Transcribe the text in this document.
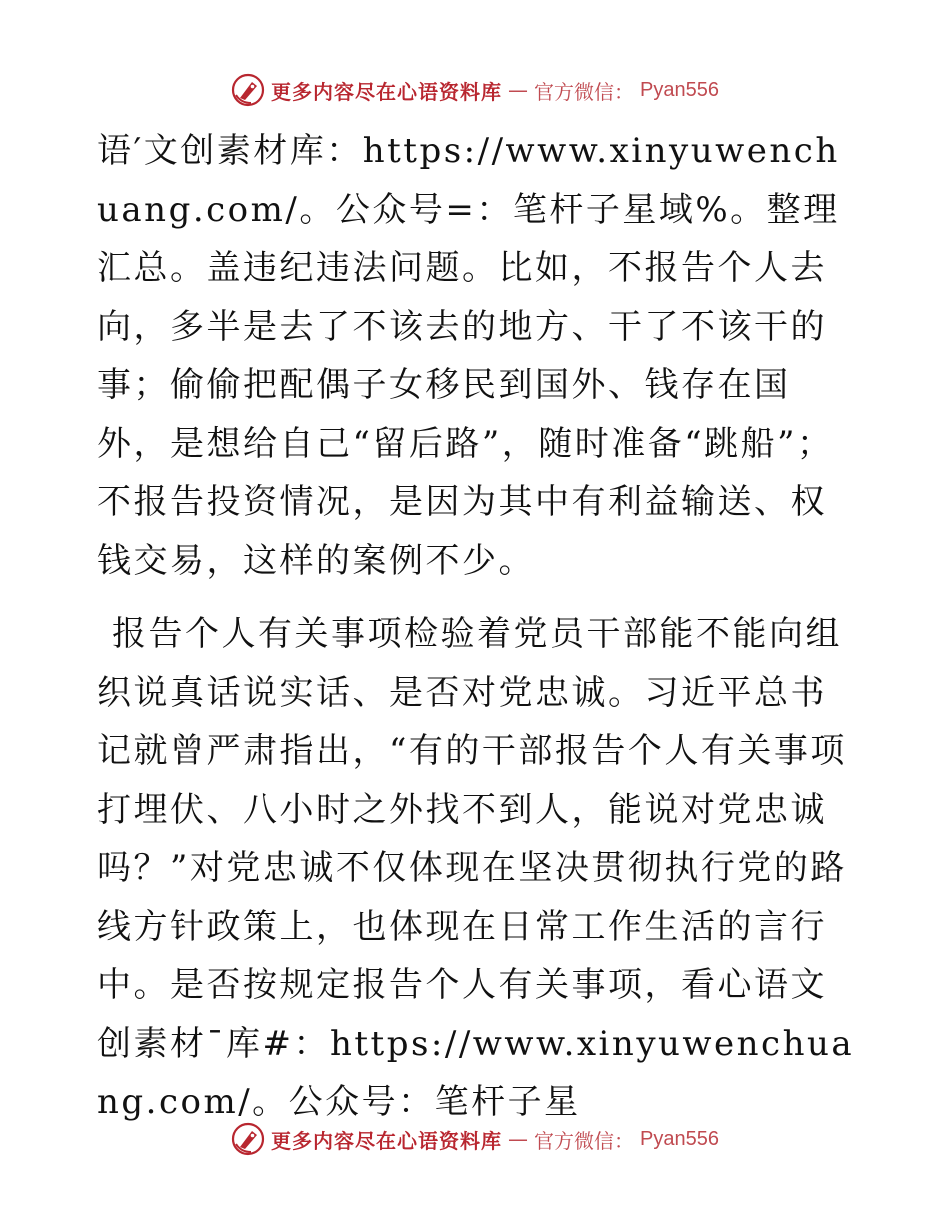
更多内容尽在心语资料库 — 官方微信： Pyan556

语′文创素材库：https://www.xinyuwenchuang.com/。公众号=：笔杆子星域%。整理汇总。盖违纪违法问题。比如，不报告个人去向，多半是去了不该去的地方、干了不该干的事；偷偷把配偶子女移民到国外、钱存在国外，是想给自己“留后路”，随时准备“跳船”；不报告投资情况，是因为其中有利益输送、权钱交易，这样的案例不少。

报告个人有关事项检验着党员干部能不能向组织说真话说实话、是否对党忠诚。习近平总书记就曾严肃指出，“有的干部报告个人有关事项打埋伏、八小时之外找不到人，能说对党忠诚吗？”对党忠诚不仅体现在坚决贯彻执行党的路线方针政策上，也体现在日常工作生活的言行中。是否按规定报告个人有关事项，看心语文创素材¯库#：https://www.xinyuwenchuang.com/。公众号：笔杆子星

更多内容尽在心语资料库 — 官方微信： Pyan556
